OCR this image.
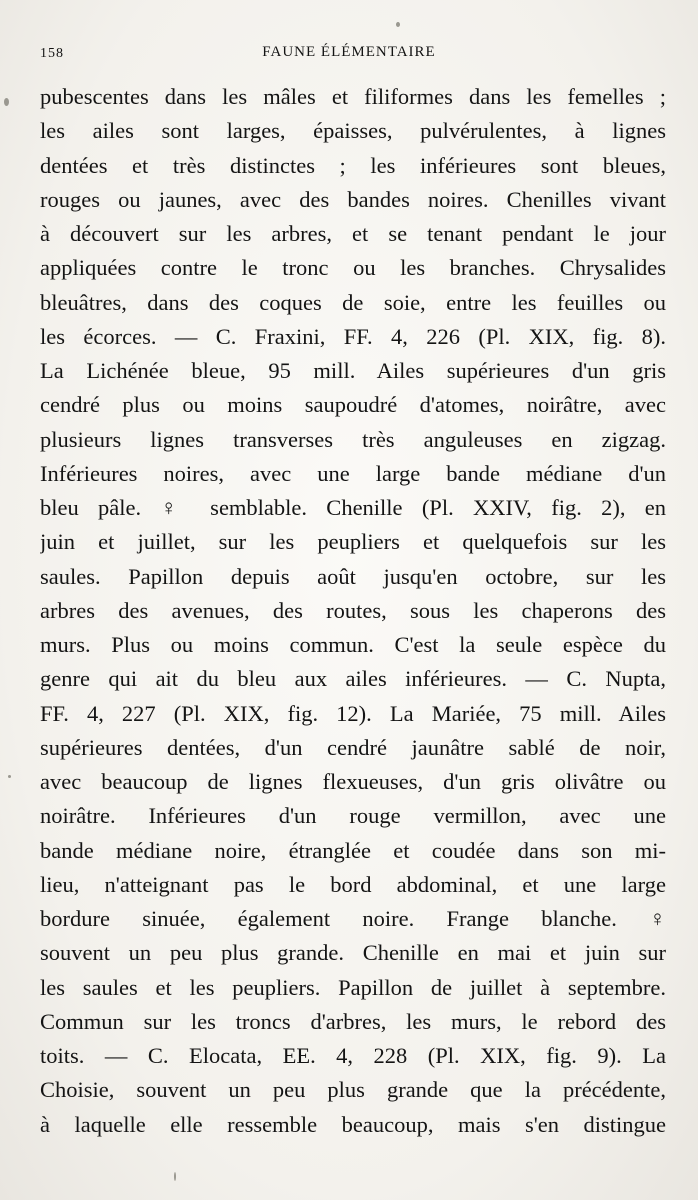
158	FAUNE ÉLÉMENTAIRE
pubescentes dans les mâles et filiformes dans les femelles ;
les ailes sont larges, épaisses, pulvérulentes, à lignes
dentées et très distinctes ; les inférieures sont bleues,
rouges ou jaunes, avec des bandes noires. Chenilles vivant
à découvert sur les arbres, et se tenant pendant le jour
appliquées contre le tronc ou les branches. Chrysalides
bleuâtres, dans des coques de soie, entre les feuilles ou
les écorces. — C. Fraxini, FF. 4, 226 (Pl. XIX, fig. 8).
La Lichénée bleue, 95 mill. Ailes supérieures d'un gris
cendré plus ou moins saupoudré d'atomes, noirâtre, avec
plusieurs lignes transverses très anguleuses en zigzag.
Inférieures noires, avec une large bande médiane d'un
bleu pâle. ♀ semblable. Chenille (Pl. XXIV, fig. 2), en
juin et juillet, sur les peupliers et quelquefois sur les
saules. Papillon depuis août jusqu'en octobre, sur les
arbres des avenues, des routes, sous les chaperons des
murs. Plus ou moins commun. C'est la seule espèce du
genre qui ait du bleu aux ailes inférieures. — C. Nupta,
FF. 4, 227 (Pl. XIX, fig. 12). La Mariée, 75 mill. Ailes
supérieures dentées, d'un cendré jaunâtre sablé de noir,
avec beaucoup de lignes flexueuses, d'un gris olivâtre ou
noirâtre. Inférieures d'un rouge vermillon, avec une
bande médiane noire, étranglée et coudée dans son mi-
lieu, n'atteignant pas le bord abdominal, et une large
bordure sinuée, également noire. Frange blanche. ♀
souvent un peu plus grande. Chenille en mai et juin sur
les saules et les peupliers. Papillon de juillet à septembre.
Commun sur les troncs d'arbres, les murs, le rebord des
toits. — C. Elocata, EE. 4, 228 (Pl. XIX, fig. 9). La
Choisie, souvent un peu plus grande que la précédente,
à laquelle elle ressemble beaucoup, mais s'en distingue
